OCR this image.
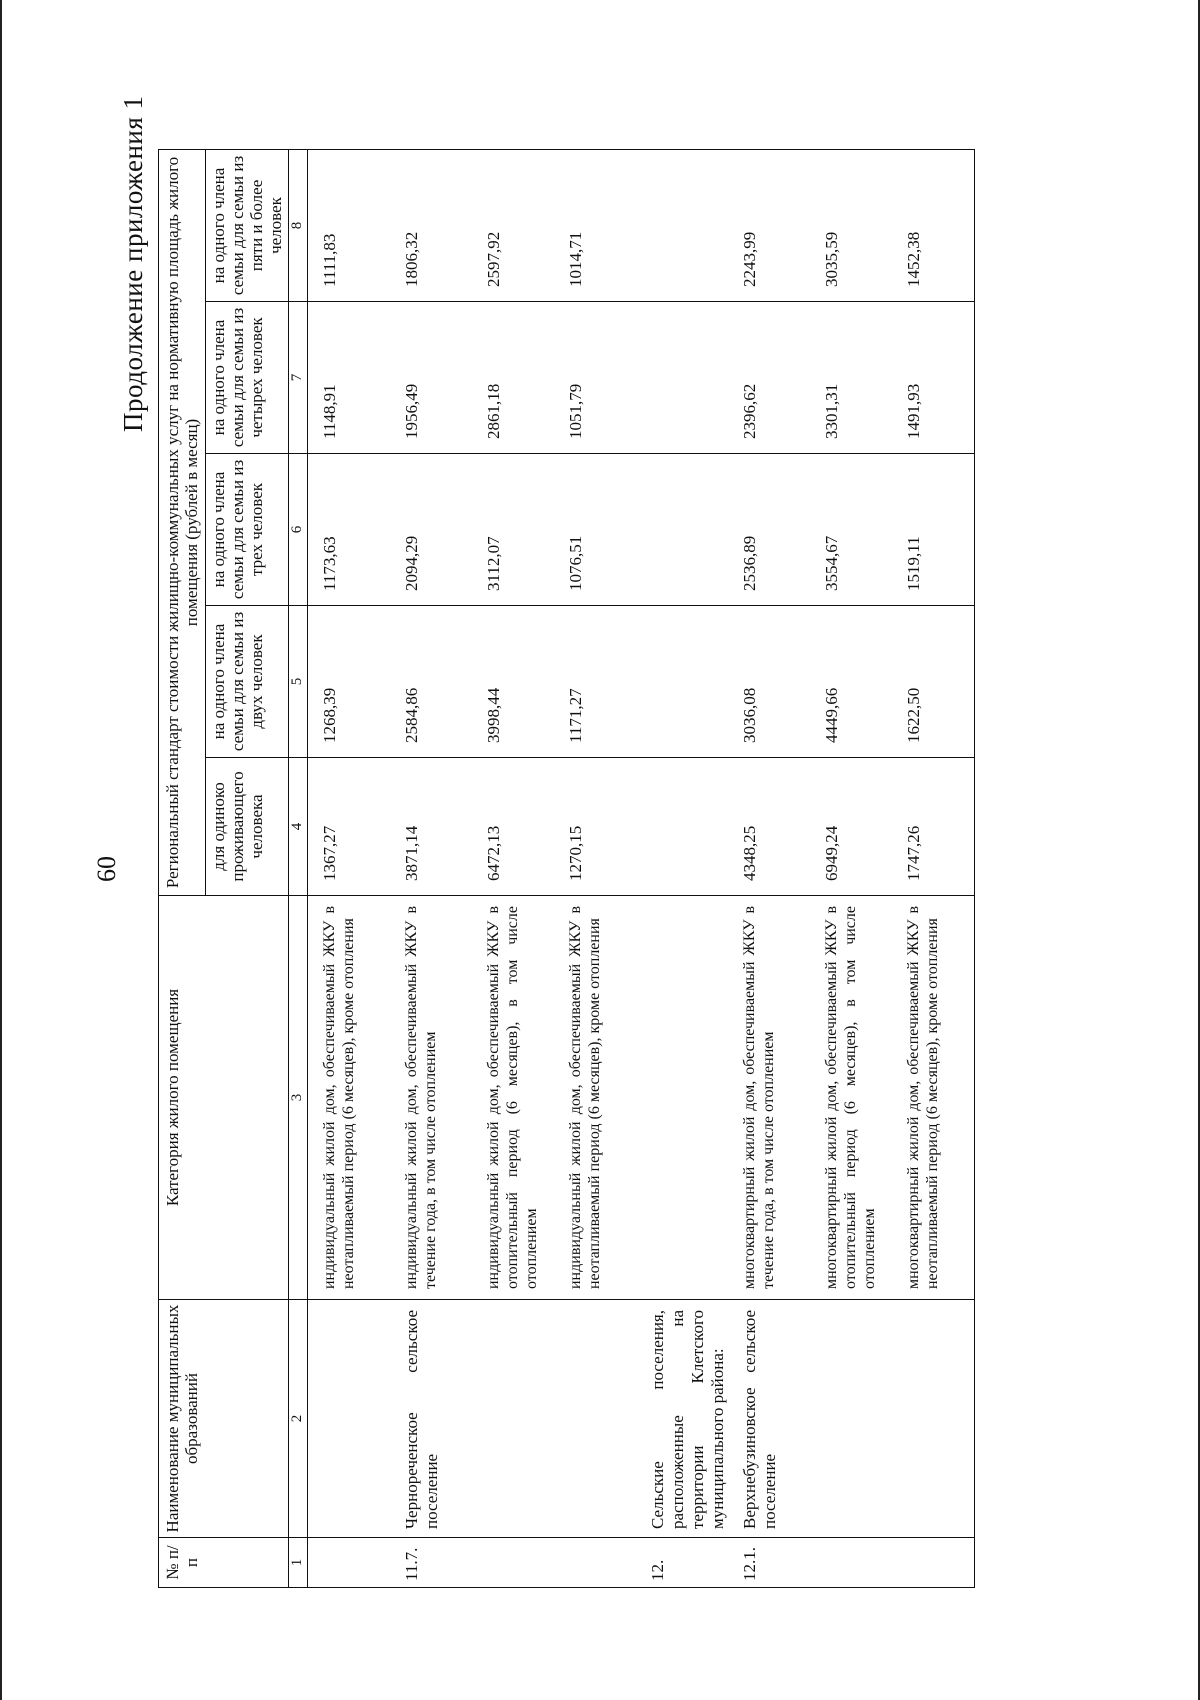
60
Продолжение приложения 1
№ п/п	Наименование муниципальных образований	Категория жилого помещения	Региональный стандарт стоимости жилищно-коммунальных услуг на нормативную площадь жилого помещения (рублей в месяц)				
			для одиноко проживающего человека	на одного члена семьи для семьи из двух человек	на одного члена семьи для семьи из трех человек	на одного члена семьи для семьи из четырех человек	на одного члена семьи для семьи из пяти и более человек
1	2	3	4	5	6	7	8
		индивидуальный жилой дом, обеспечиваемый ЖКУ в неотапливаемый период (6 месяцев), кроме отопления	1367,27	1268,39	1173,63	1148,91	1111,83
11.7.	Чернореченское сельское поселение	индивидуальный жилой дом, обеспечиваемый ЖКУ в течение года, в том числе отоплением	3871,14	2584,86	2094,29	1956,49	1806,32
		индивидуальный жилой дом, обеспечиваемый ЖКУ в отопительный период (6 месяцев), в том числе отоплением	6472,13	3998,44	3112,07	2861,18	2597,92
		индивидуальный жилой дом, обеспечиваемый ЖКУ в неотапливаемый период (6 месяцев), кроме отопления	1270,15	1171,27	1076,51	1051,79	1014,71
12.	Сельские поселения, расположенные на территории Клетского муниципального района:						
12.1.	Верхнебузиновское сельское поселение	многоквартирный жилой дом, обеспечиваемый ЖКУ в течение года, в том числе отоплением	4348,25	3036,08	2536,89	2396,62	2243,99
		многоквартирный жилой дом, обеспечиваемый ЖКУ в отопительный период (6 месяцев), в том числе отоплением	6949,24	4449,66	3554,67	3301,31	3035,59
		многоквартирный жилой дом, обеспечиваемый ЖКУ в неотапливаемый период (6 месяцев), кроме отопления	1747,26	1622,50	1519,11	1491,93	1452,38
